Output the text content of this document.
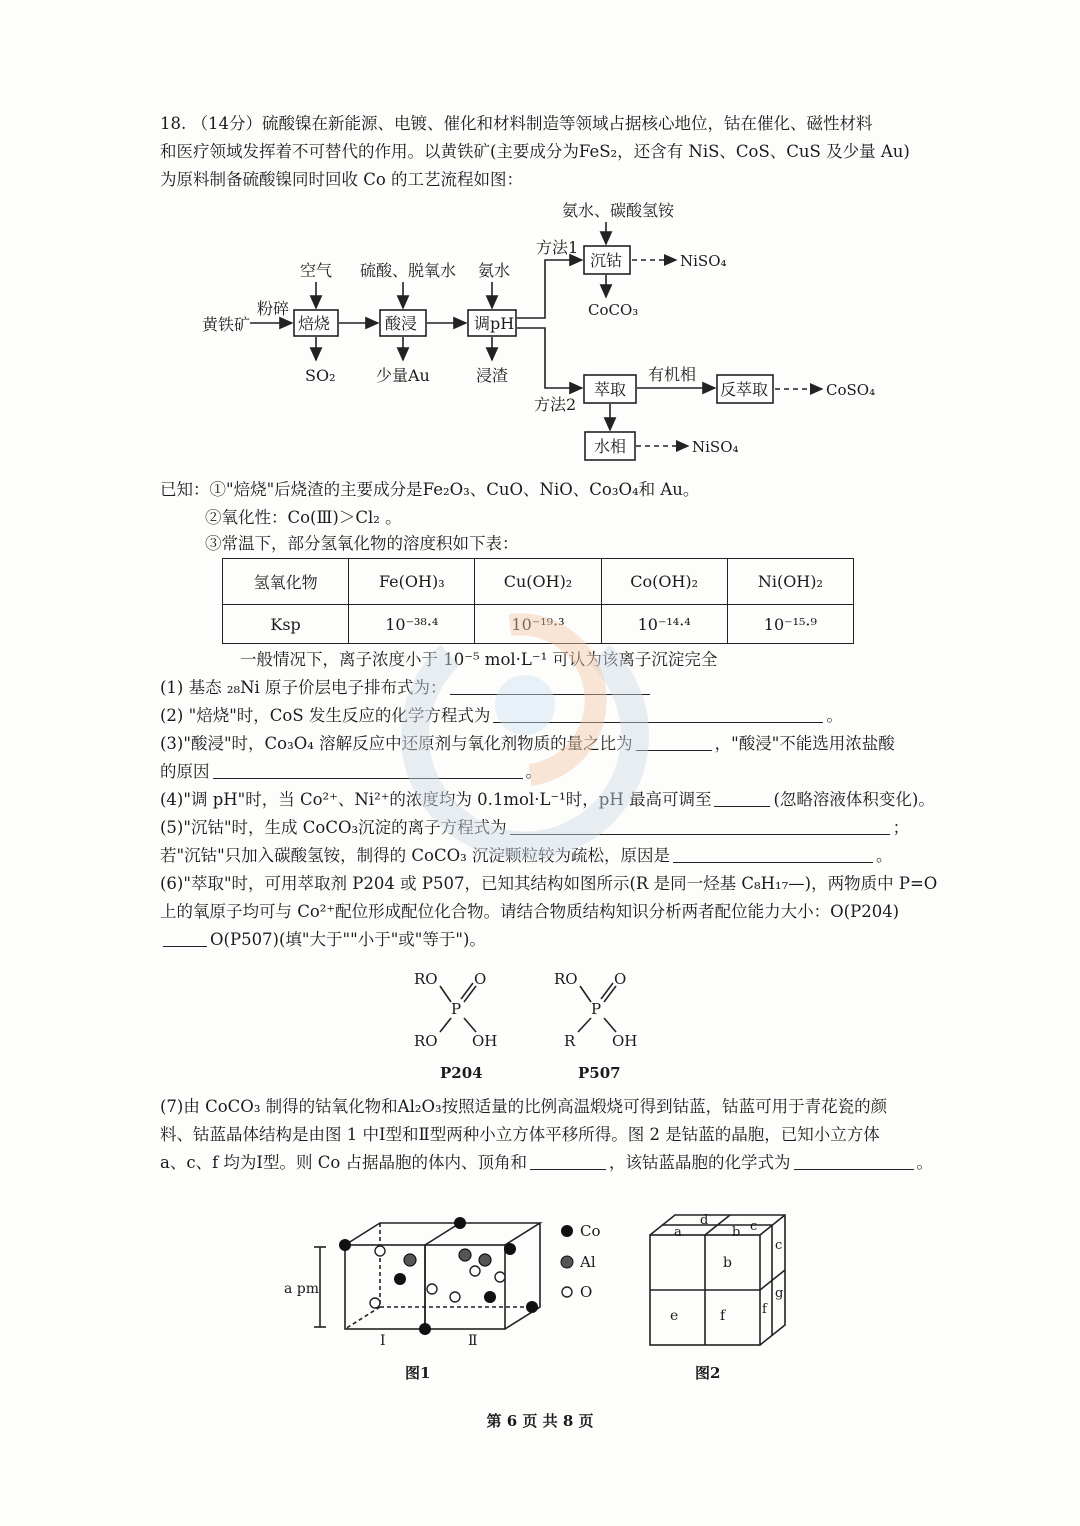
18. （14分）硫酸镍在新能源、电镀、催化和材料制造等领域占据核心地位，钴在催化、磁性材料
和医疗领域发挥着不可替代的作用。以黄铁矿(主要成分为FeS₂，还含有 NiS、CoS、CuS 及少量 Au)
为原料制备硫酸镍同时回收 Co 的工艺流程如图：
黄铁矿
粉碎
焙烧
空气
SO₂
酸浸
硫酸、脱氧水
少量Au
调pH
氨水
浸渣
方法1
方法2
氨水、碳酸氢铵
沉钴	NiSO₄
CoCO₃
萃取
有机相
反萃取	CoSO₄
水相	NiSO₄
已知：①"焙烧"后烧渣的主要成分是Fe₂O₃、CuO、NiO、Co₃O₄和 Au。
②氧化性：Co(Ⅲ)＞Cl₂ 。
③常温下，部分氢氧化物的溶度积如下表：
氢氧化物	Fe(OH)₃	Cu(OH)₂	Co(OH)₂	Ni(OH)₂
Ksp	10⁻³⁸·⁴	10⁻¹⁹·³	10⁻¹⁴·⁴	10⁻¹⁵·⁹
一般情况下，离子浓度小于 10⁻⁵ mol·L⁻¹ 可认为该离子沉淀完全
(1) 基态 ₂₈Ni 原子价层电子排布式为：
(2) "焙烧"时，CoS 发生反应的化学方程式为	。
(3)"酸浸"时，Co₃O₄ 溶解反应中还原剂与氧化剂物质的量之比为	，"酸浸"不能选用浓盐酸
的原因	。
(4)"调 pH"时，当 Co²⁺、Ni²⁺的浓度均为 0.1mol·L⁻¹时，pH 最高可调至	(忽略溶液体积变化)。
(5)"沉钴"时，生成 CoCO₃沉淀的离子方程式为	；
若"沉钴"只加入碳酸氢铵，制得的 CoCO₃ 沉淀颗粒较为疏松，原因是	。
(6)"萃取"时，可用萃取剂 P204 或 P507，已知其结构如图所示(R 是同一烃基 C₈H₁₇—)，两物质中 P=O
上的氧原子均可与 Co²⁺配位形成配位化合物。请结合物质结构知识分析两者配位能力大小：O(P204)
O(P507)(填"大于""小于"或"等于")。
RO O
P
RO OH
P204
RO O
P
R OH
P507
(7)由 CoCO₃ 制得的钴氧化物和Al₂O₃按照适量的比例高温煅烧可得到钴蓝，钴蓝可用于青花瓷的颜
料、钴蓝晶体结构是由图 1 中Ⅰ型和Ⅱ型两种小立方体平移所得。图 2 是钴蓝的晶胞，已知小立方体
a、c、f 均为Ⅰ型。则 Co 占据晶胞的体内、顶角和	，该钴蓝晶胞的化学式为	。
a pm
Ⅰ	Ⅱ
Co
Al
O
图1
a	b c
d
b
c
e	f	f
g
图2
第 6 页 共 8 页
